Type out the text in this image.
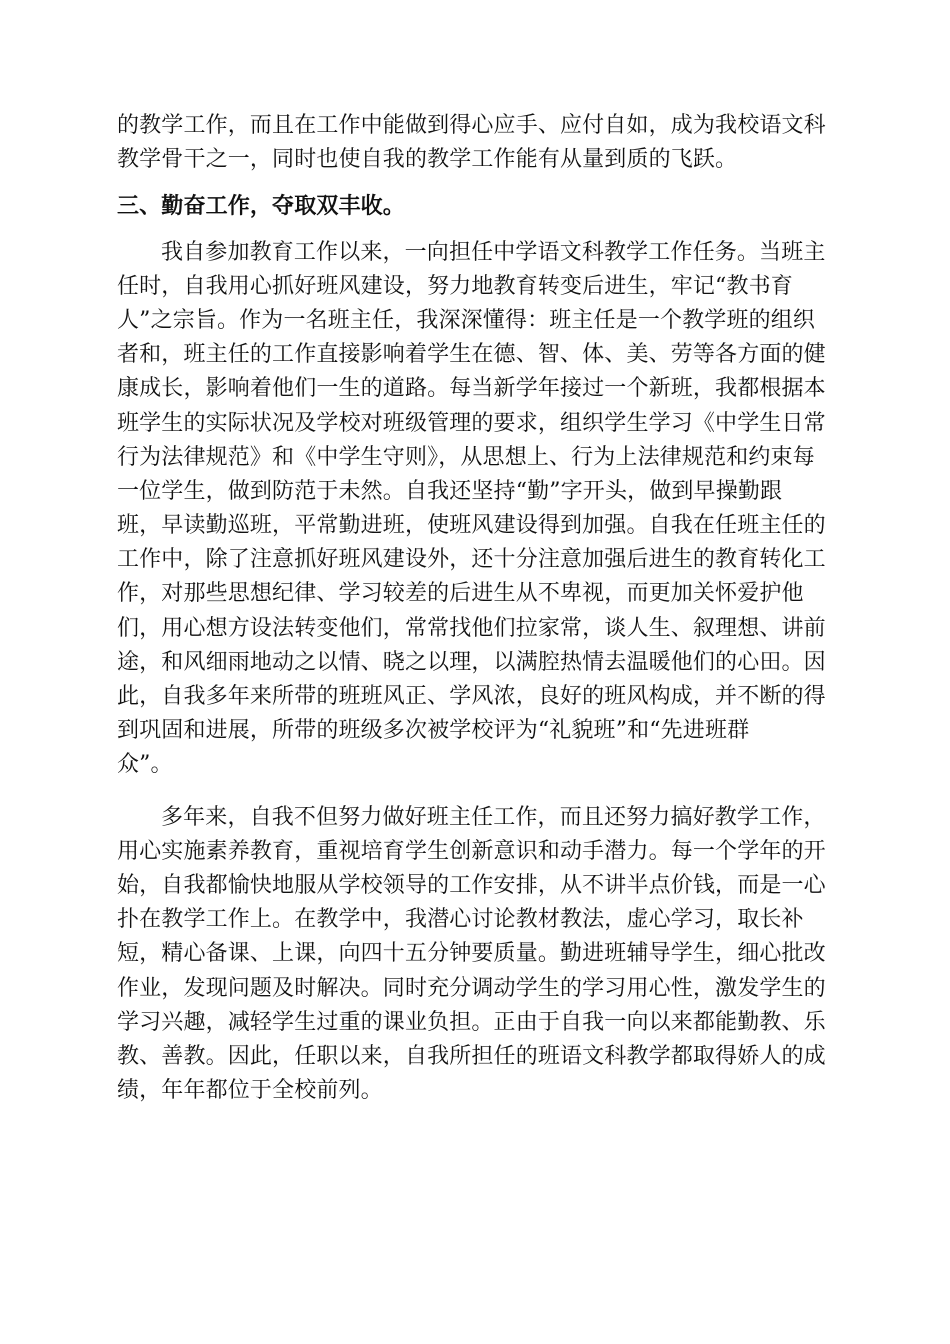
的教学工作，而且在工作中能做到得心应手、应付自如，成为我校语文科
教学骨干之一，同时也使自我的教学工作能有从量到质的飞跃。
三、勤奋工作，夺取双丰收。
我自参加教育工作以来，一向担任中学语文科教学工作任务。当班主
任时，自我用心抓好班风建设，努力地教育转变后进生，牢记“教书育
人”之宗旨。作为一名班主任，我深深懂得：班主任是一个教学班的组织
者和，班主任的工作直接影响着学生在德、智、体、美、劳等各方面的健
康成长，影响着他们一生的道路。每当新学年接过一个新班，我都根据本
班学生的实际状况及学校对班级管理的要求，组织学生学习《中学生日常
行为法律规范》和《中学生守则》，从思想上、行为上法律规范和约束每
一位学生，做到防范于未然。自我还坚持“勤”字开头，做到早操勤跟
班，早读勤巡班，平常勤进班，使班风建设得到加强。自我在任班主任的
工作中，除了注意抓好班风建设外，还十分注意加强后进生的教育转化工
作，对那些思想纪律、学习较差的后进生从不卑视，而更加关怀爱护他
们，用心想方设法转变他们，常常找他们拉家常，谈人生、叙理想、讲前
途，和风细雨地动之以情、晓之以理，以满腔热情去温暖他们的心田。因
此，自我多年来所带的班班风正、学风浓，良好的班风构成，并不断的得
到巩固和进展，所带的班级多次被学校评为“礼貌班”和“先进班群
众”。
多年来，自我不但努力做好班主任工作，而且还努力搞好教学工作，
用心实施素养教育，重视培育学生创新意识和动手潜力。每一个学年的开
始，自我都愉快地服从学校领导的工作安排，从不讲半点价钱，而是一心
扑在教学工作上。在教学中，我潜心讨论教材教法，虚心学习，取长补
短，精心备课、上课，向四十五分钟要质量。勤进班辅导学生，细心批改
作业，发现问题及时解决。同时充分调动学生的学习用心性，激发学生的
学习兴趣，减轻学生过重的课业负担。正由于自我一向以来都能勤教、乐
教、善教。因此，任职以来，自我所担任的班语文科教学都取得娇人的成
绩，年年都位于全校前列。
